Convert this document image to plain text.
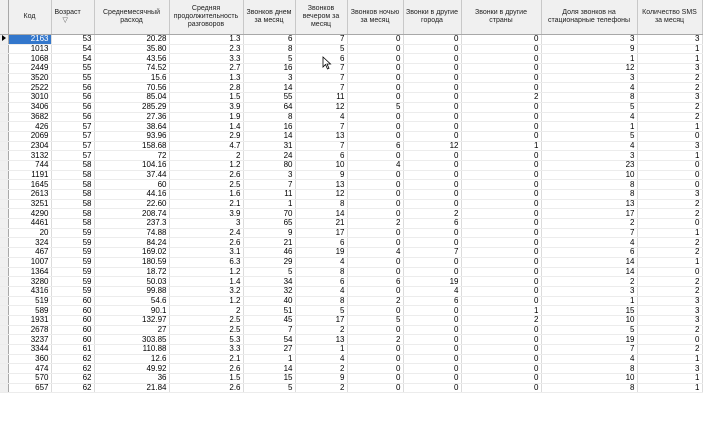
	Код	Возраст▽	Среднемесячный расход	Средняя продолжительность разговоров	Звонков днем за месяц	Звонков вечером за месяц	Звонков ночью за месяц	Звонки в другие города	Звонки в другие страны	Доля звонков на стационарные телефоны	Количество SMS за месяц
	2163	53	20.28	1.3	6	7	0	0	0	3	3
	1013	54	35.80	2.3	8	5	0	0	0	9	1
	1068	54	43.56	3.3	5	6	0	0	0	1	1
	2449	55	74.52	2.7	16	7	0	0	0	12	3
	3520	55	15.6	1.3	3	7	0	0	0	3	2
	2522	56	70.56	2.8	14	7	0	0	0	4	2
	3010	56	85.04	1.5	55	11	0	0	2	8	3
	3406	56	285.29	3.9	64	12	5	0	0	5	2
	3682	56	27.36	1.9	8	4	0	0	0	4	2
	426	57	38.64	1.4	16	7	0	0	0	1	1
	2069	57	93.96	2.9	14	13	0	0	0	5	0
	2304	57	158.68	4.7	31	7	6	12	1	4	3
	3132	57	72	2	24	6	0	0	0	3	1
	744	58	104.16	1.2	80	10	4	0	0	23	0
	1191	58	37.44	2.6	3	9	0	0	0	10	0
	1645	58	60	2.5	7	13	0	0	0	8	0
	2613	58	44.16	1.6	11	12	0	0	0	8	3
	3251	58	22.60	2.1	1	8	0	0	0	13	2
	4290	58	208.74	3.9	70	14	0	2	0	17	2
	4461	58	237.3	3	65	21	2	6	0	2	0
	20	59	74.88	2.4	9	17	0	0	0	7	1
	324	59	84.24	2.6	21	6	0	0	0	4	2
	467	59	169.02	3.1	46	19	4	7	0	6	2
	1007	59	180.59	6.3	29	4	0	0	0	14	1
	1364	59	18.72	1.2	5	8	0	0	0	14	0
	3280	59	50.03	1.4	34	6	6	19	0	2	2
	4316	59	99.88	3.2	32	4	0	4	0	3	2
	519	60	54.6	1.2	40	8	2	6	0	1	3
	589	60	90.1	2	51	5	0	0	1	15	3
	1931	60	132.97	2.5	45	17	5	0	2	10	3
	2678	60	27	2.5	7	2	0	0	0	5	2
	3237	60	303.85	5.3	54	13	2	0	0	19	0
	3344	61	110.88	3.3	27	1	0	0	0	7	2
	360	62	12.6	2.1	1	4	0	0	0	4	1
	474	62	49.92	2.6	14	2	0	0	0	8	3
	570	62	36	1.5	15	9	0	0	0	10	1
	657	62	21.84	2.6	5	2	0	0	0	8	1
